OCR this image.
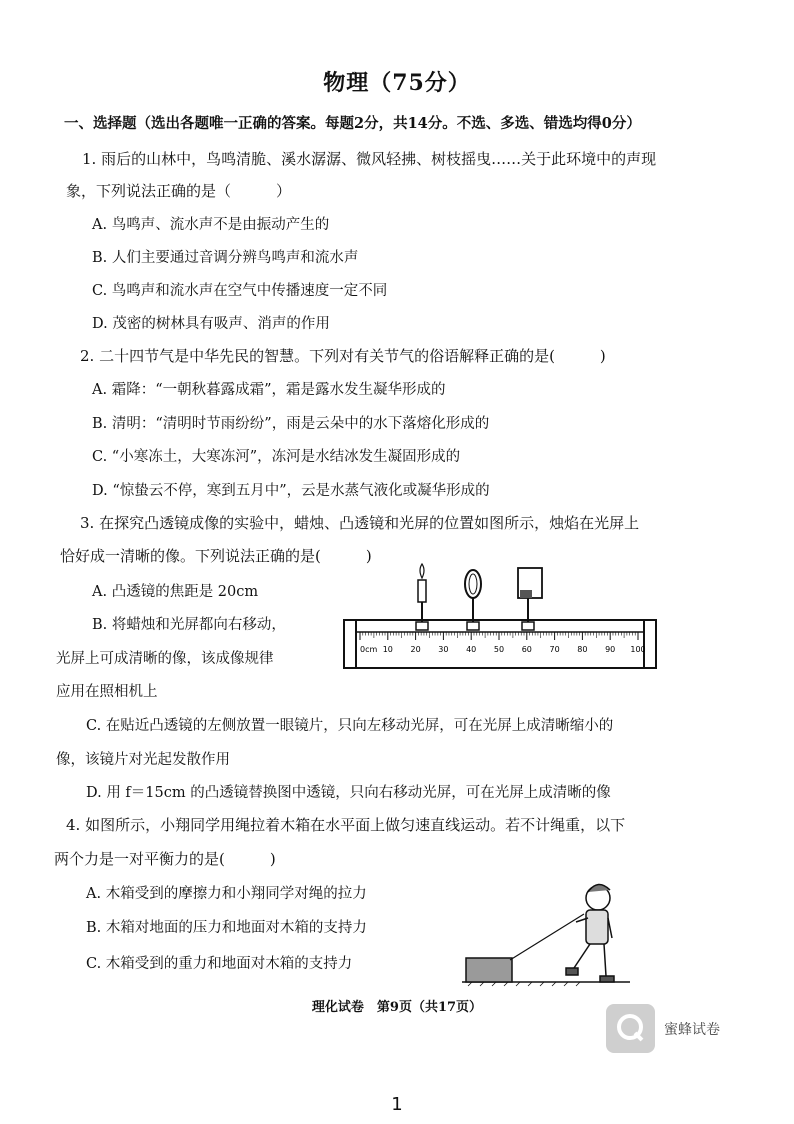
物理（75分）
一、选择题（选出各题唯一正确的答案。每题2分，共14分。不选、多选、错选均得0分）
1. 雨后的山林中，鸟鸣清脆、溪水潺潺、微风轻拂、树枝摇曳……关于此环境中的声现
象，下列说法正确的是（　　　）
A. 鸟鸣声、流水声不是由振动产生的
B. 人们主要通过音调分辨鸟鸣声和流水声
C. 鸟鸣声和流水声在空气中传播速度一定不同
D. 茂密的树林具有吸声、消声的作用
2. 二十四节气是中华先民的智慧。下列对有关节气的俗语解释正确的是(　　　)
A. 霜降：“一朝秋暮露成霜”，霜是露水发生凝华形成的
B. 清明：“清明时节雨纷纷”，雨是云朵中的水下落熔化形成的
C. “小寒冻土，大寒冻河”，冻河是水结冰发生凝固形成的
D. “惊蛰云不停，寒到五月中”，云是水蒸气液化或凝华形成的
3. 在探究凸透镜成像的实验中，蜡烛、凸透镜和光屏的位置如图所示，烛焰在光屏上
恰好成一清晰的像。下列说法正确的是(　　　)
A. 凸透镜的焦距是 20cm
B. 将蜡烛和光屏都向右移动，
光屏上可成清晰的像，该成像规律
应用在照相机上
C. 在贴近凸透镜的左侧放置一眼镜片，只向左移动光屏，可在光屏上成清晰缩小的
像，该镜片对光起发散作用
D. 用 f＝15cm 的凸透镜替换图中透镜，只向右移动光屏，可在光屏上成清晰的像
0cm 10 20 30 40 50 60 70 80 90 100
4. 如图所示，小翔同学用绳拉着木箱在水平面上做匀速直线运动。若不计绳重，以下
两个力是一对平衡力的是(　　　)
A. 木箱受到的摩擦力和小翔同学对绳的拉力
B. 木箱对地面的压力和地面对木箱的支持力
C. 木箱受到的重力和地面对木箱的支持力
理化试卷　第9页（共17页）
蜜蜂试卷
1
